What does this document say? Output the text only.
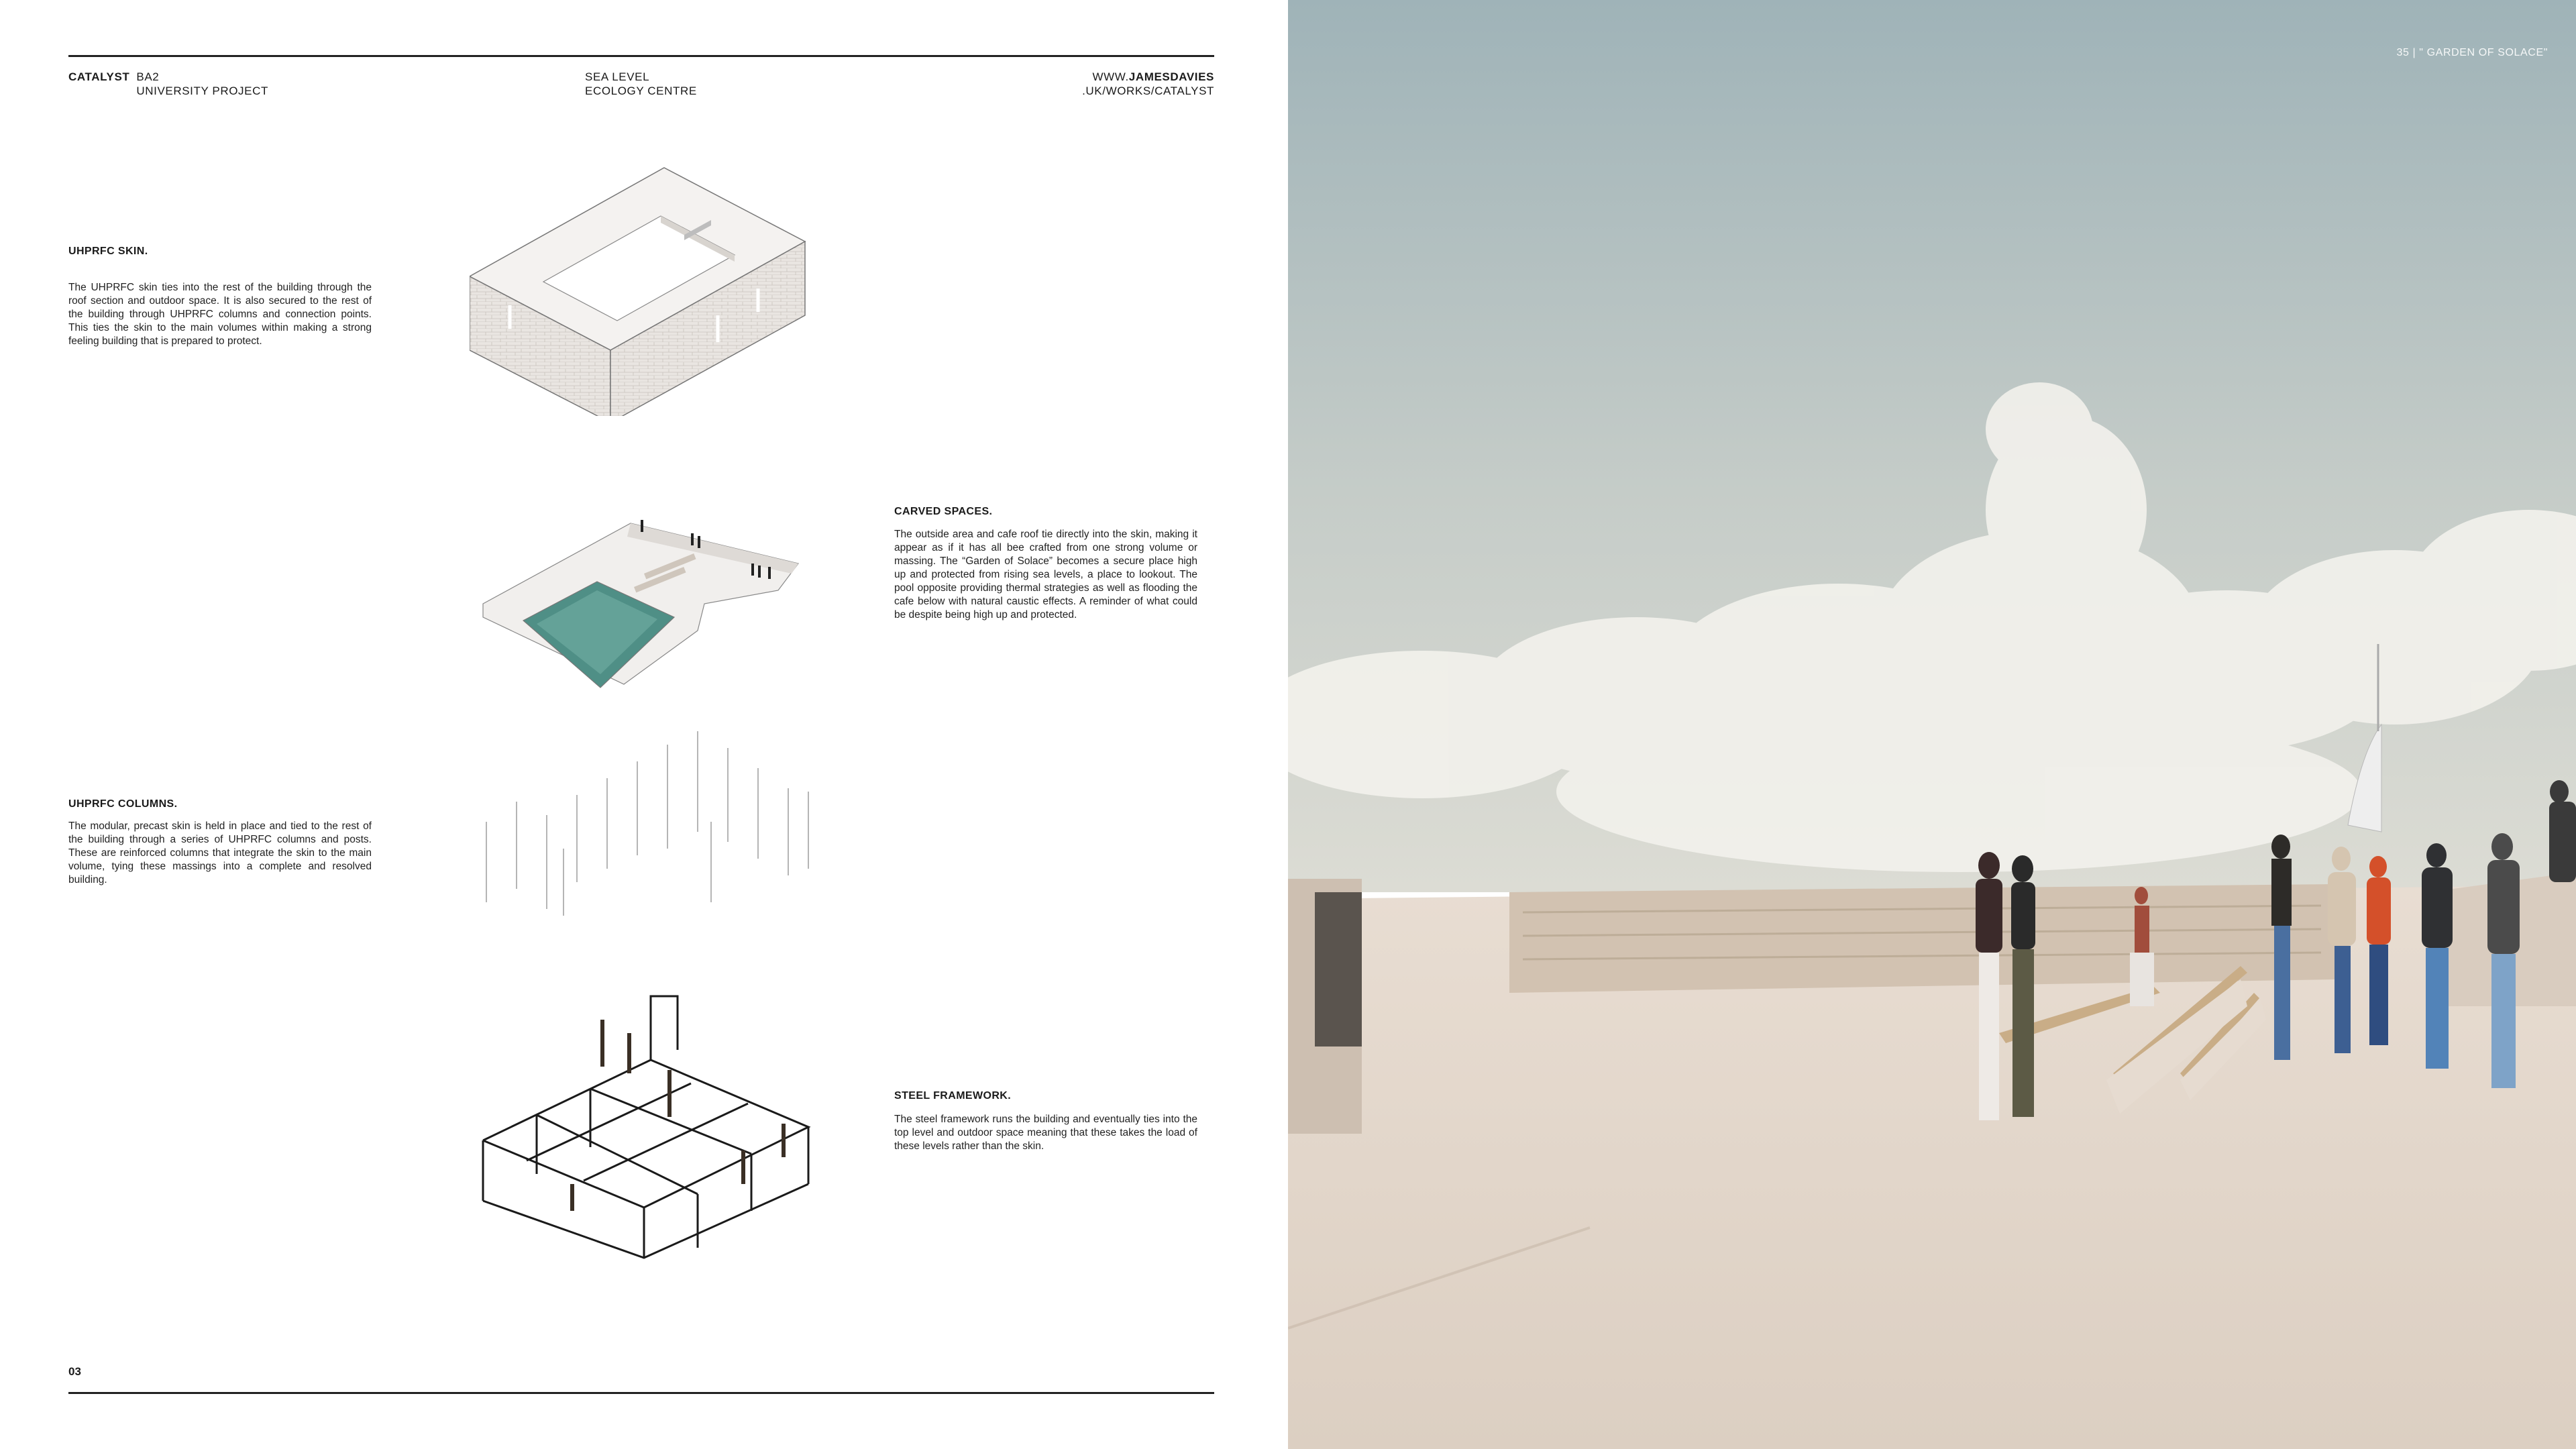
CATALYST BA2
UNIVERSITY PROJECT
SEA LEVEL
ECOLOGY CENTRE
WWW.JAMESDAVIES
.UK/WORKS/CATALYST
UHPRFC SKIN.
The UHPRFC skin ties into the rest of the building through the roof section and outdoor space. It is also secured to the rest of the building through UHPRFC columns and connection points. This ties the skin to the main volumes within making a strong feeling building that is prepared to protect.
CARVED SPACES.
The outside area and cafe roof tie directly into the skin, making it appear as if it has all bee crafted from one strong volume or massing. The “Garden of Solace” becomes a secure place high up and protected from rising sea levels, a place to lookout. The pool opposite providing thermal strategies as well as flooding the cafe below with natural caustic effects. A reminder of what could be despite being high up and protected.
UHPRFC COLUMNS.
The modular, precast skin is held in place and tied to the rest of the building through a series of UHPRFC columns and posts. These are reinforced columns that integrate the skin to the main volume, tying these massings into a complete and resolved building.
STEEL FRAMEWORK.
The steel framework runs the building and eventually ties into the top level and outdoor space meaning that these takes the load of these levels rather than the skin.
03
35 | " GARDEN OF SOLACE"
